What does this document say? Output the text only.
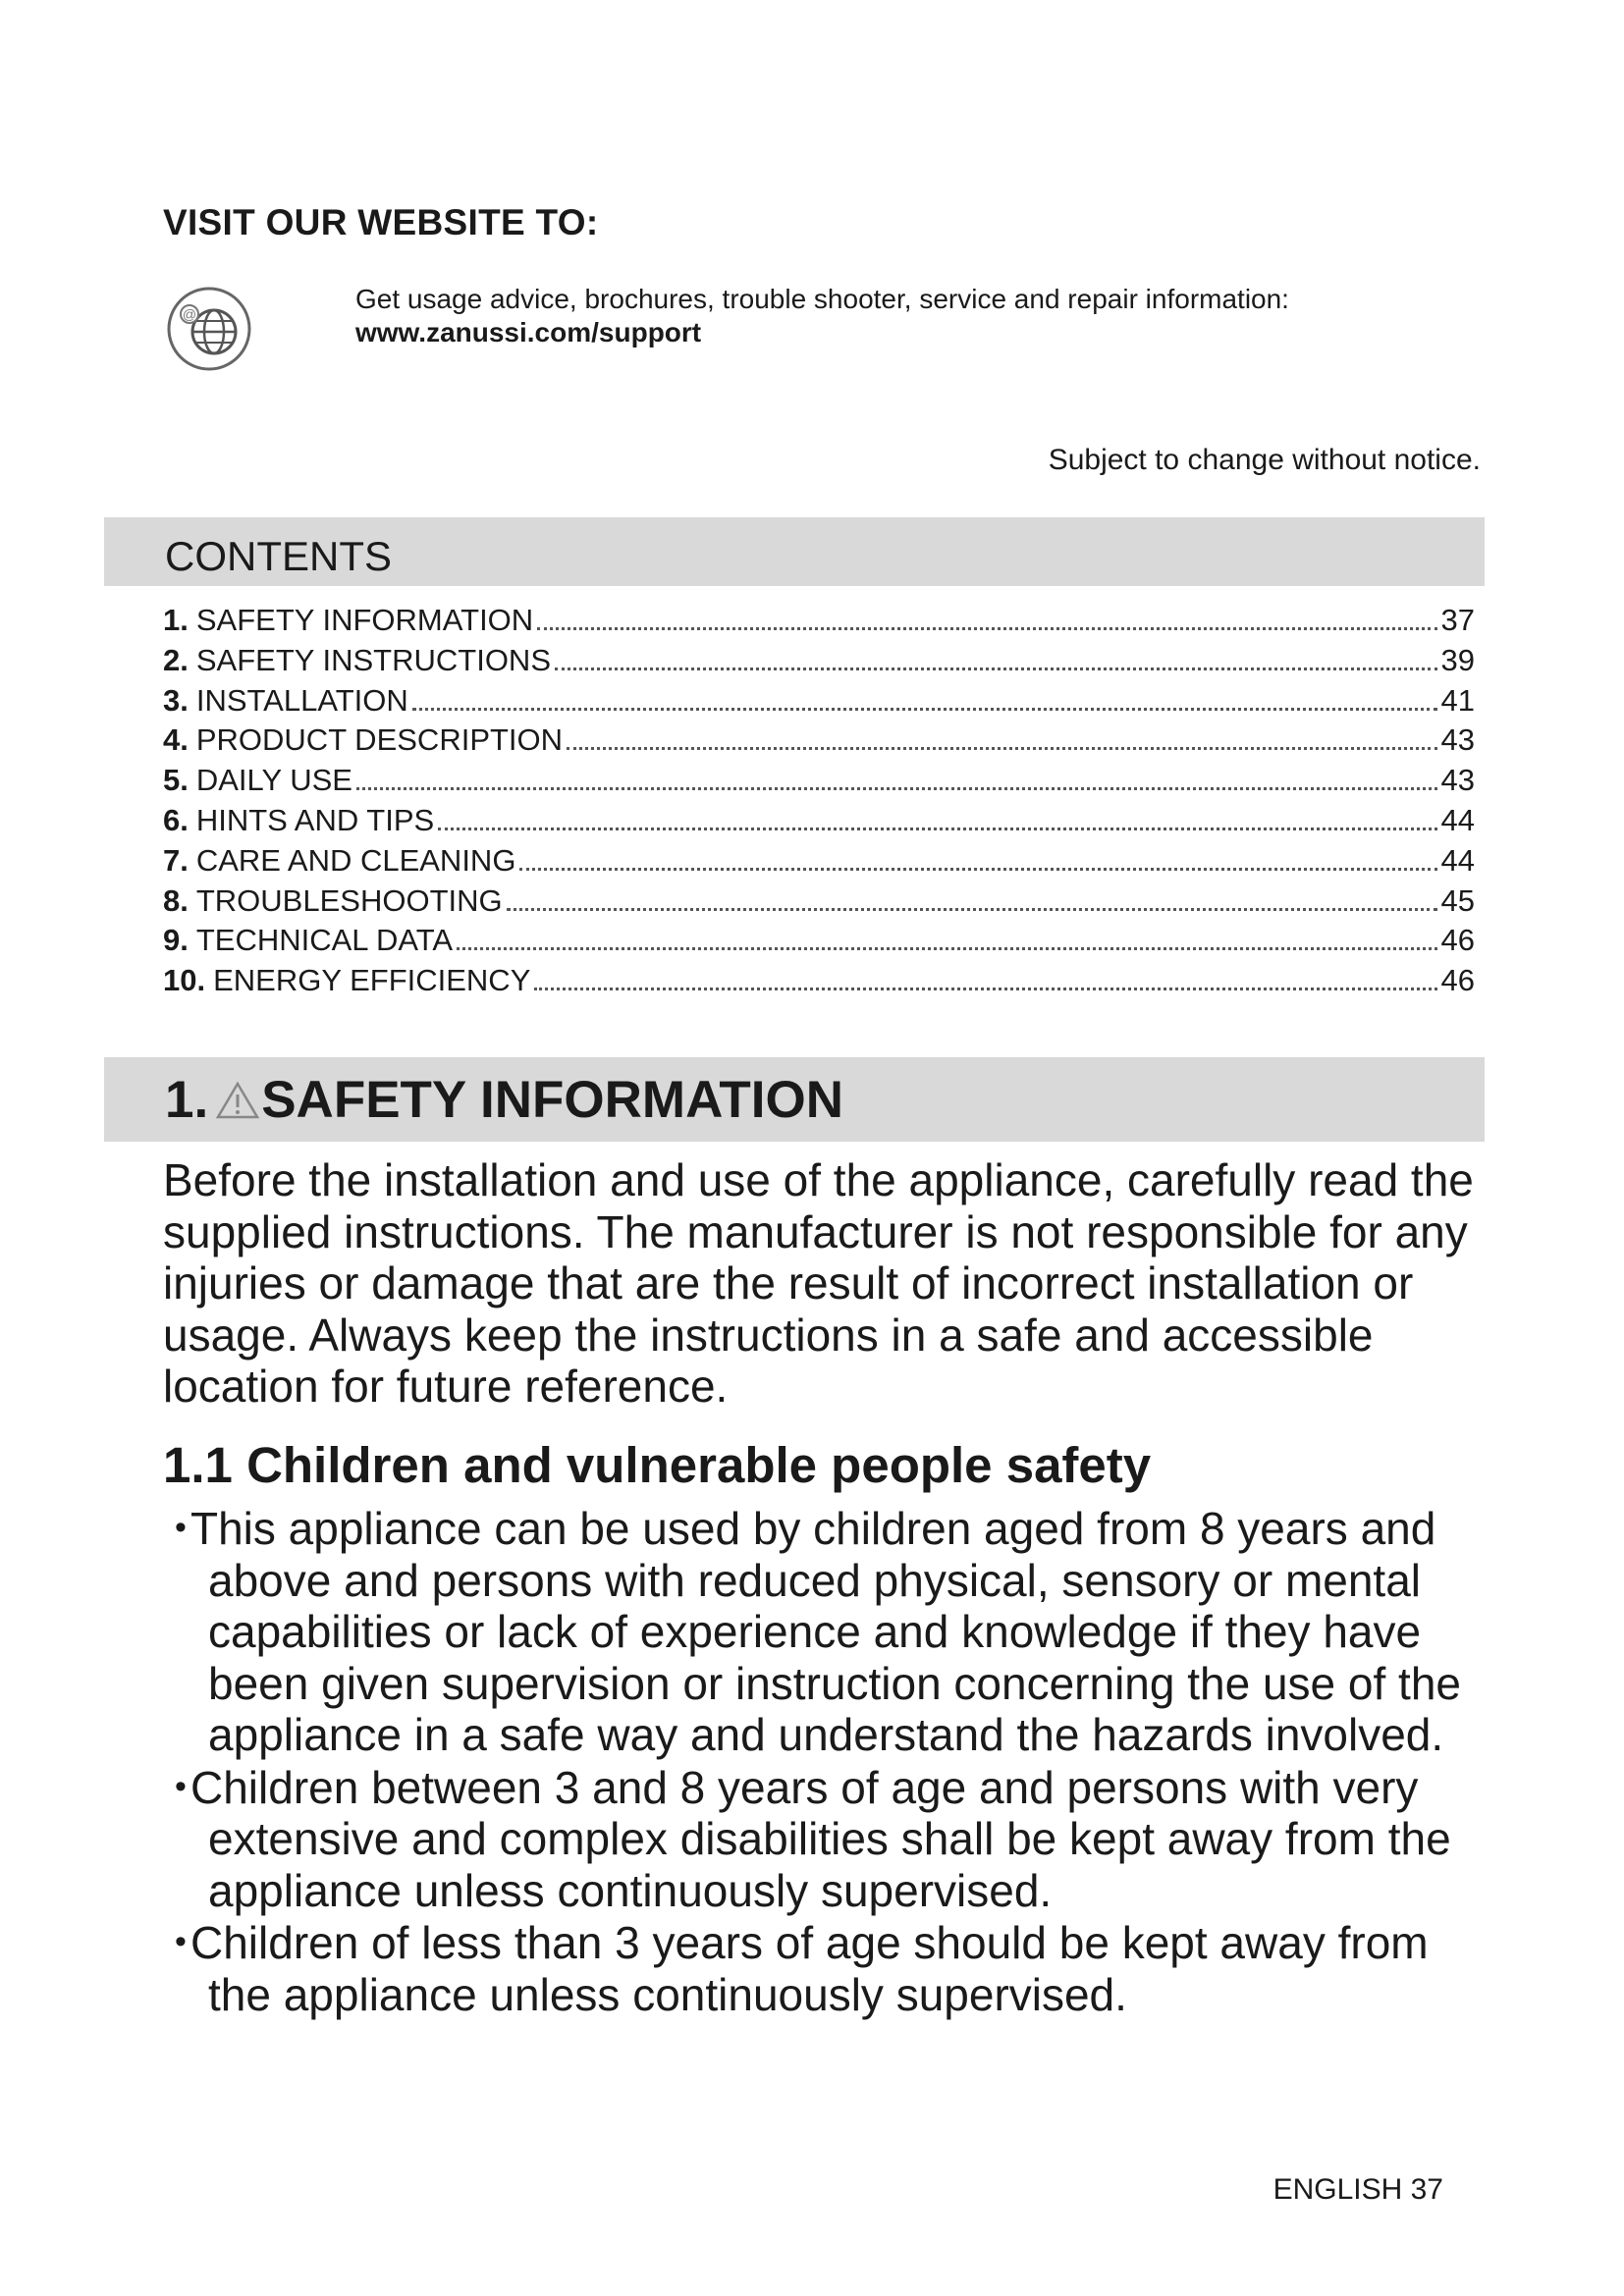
VISIT OUR WEBSITE TO:
@	Get usage advice, brochures, trouble shooter, service and repair information:
www.zanussi.com/support
Subject to change without notice.
CONTENTS
1. SAFETY INFORMATION	37
2. SAFETY INSTRUCTIONS	39
3. INSTALLATION	41
4. PRODUCT DESCRIPTION	43
5. DAILY USE	43
6. HINTS AND TIPS	44
7. CARE AND CLEANING	44
8. TROUBLESHOOTING	45
9. TECHNICAL DATA	46
10. ENERGY EFFICIENCY	46
1. SAFETY INFORMATION

Before the installation and use of the appliance, carefully read the supplied instructions. The manufacturer is not responsible for any injuries or damage that are the result of incorrect installation or usage. Always keep the instructions in a safe and accessible location for future reference.

1.1 Children and vulnerable people safety
•This appliance can be used by children aged from 8 years and above and persons with reduced physical, sensory or mental capabilities or lack of experience and knowledge if they have been given supervision or instruction concerning the use of the appliance in a safe way and understand the hazards involved.
•Children between 3 and 8 years of age and persons with very extensive and complex disabilities shall be kept away from the appliance unless continuously supervised.
•Children of less than 3 years of age should be kept away from the appliance unless continuously supervised.
ENGLISH 37
